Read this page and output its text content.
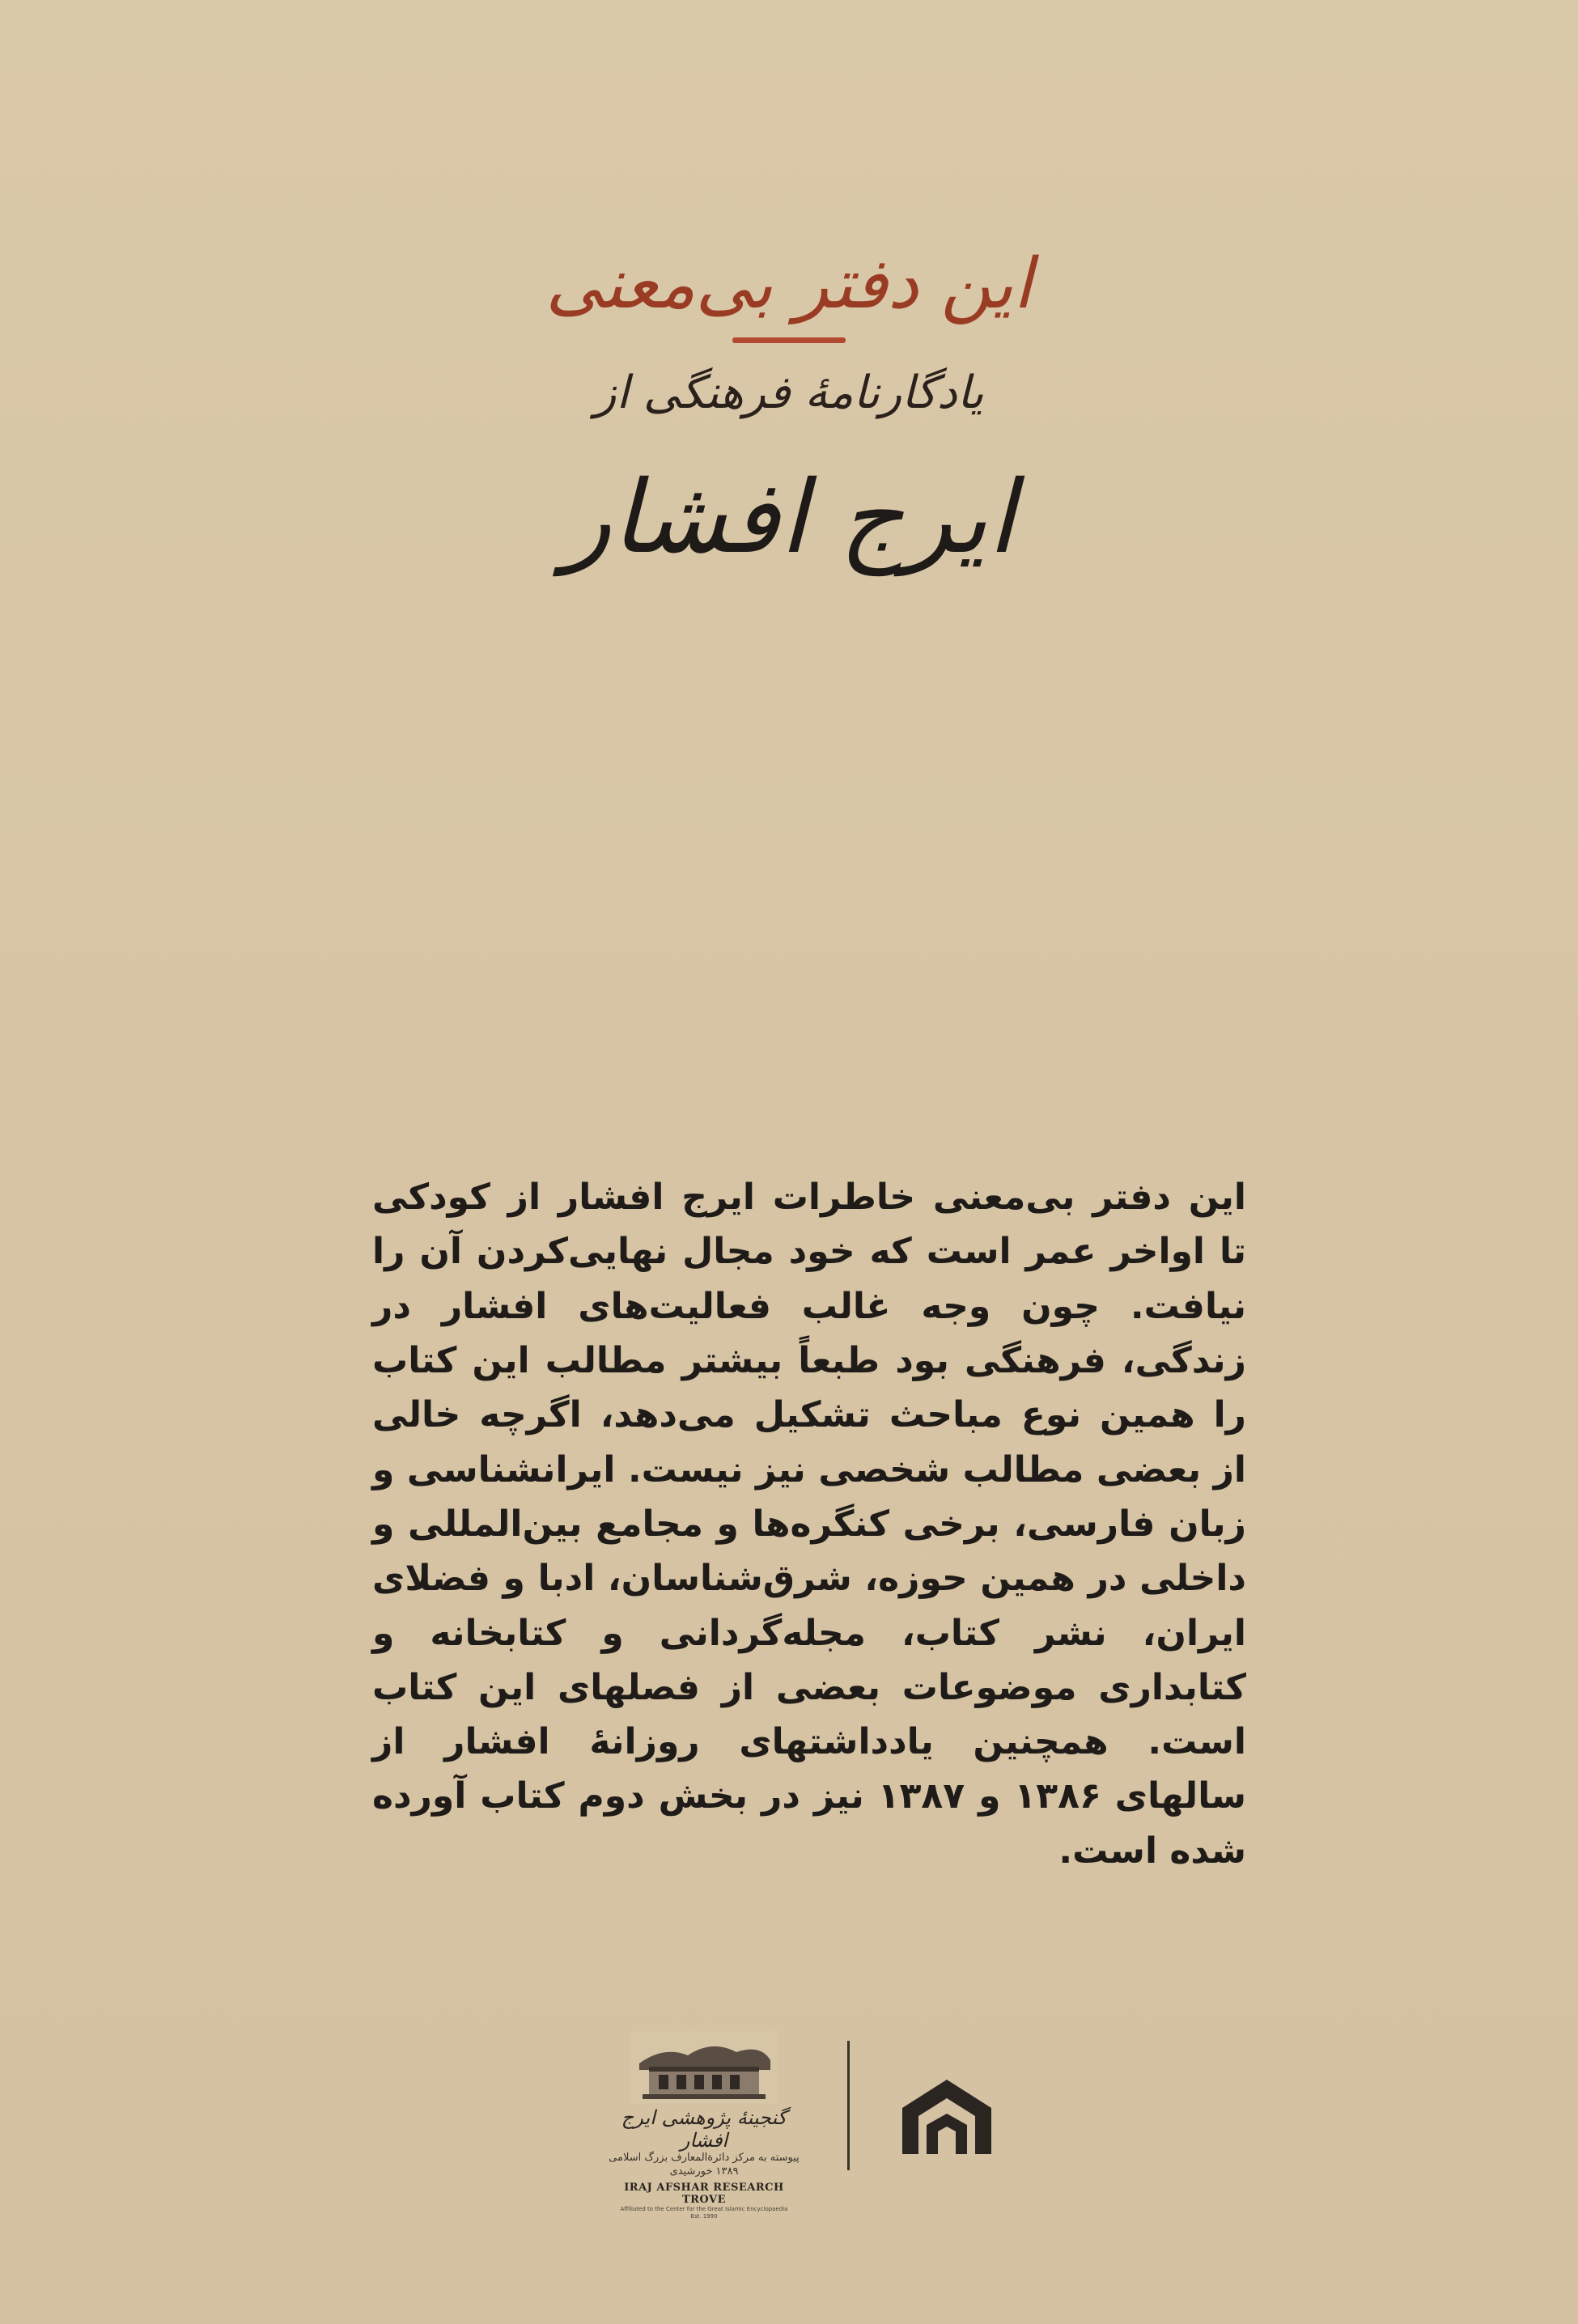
این دفتر بی‌معنی
یادگارنامهٔ فرهنگی از
ایرج افشار
این دفتر بی‌معنی خاطرات ایرج افشار از کودکی تا اواخر عمر است که خود مجال نهایی‌کردن آن را نیافت. چون وجه غالب فعالیت‌های افشار در زندگی، فرهنگی بود طبعاً بیشتر مطالب این کتاب را همین نوع مباحث تشکیل می‌دهد، اگرچه خالی از بعضی مطالب شخصی نیز نیست. ایرانشناسی و زبان فارسی، برخی کنگره‌ها و مجامع بین‌المللی و داخلی در همین حوزه، شرق‌شناسان، ادبا و فضلای ایران، نشر کتاب، مجله‌گردانی و کتابخانه و کتابداری موضوعات بعضی از فصلهای این کتاب است. همچنین یادداشتهای روزانهٔ افشار از سالهای ۱۳۸۶ و ۱۳۸۷ نیز در بخش دوم کتاب آورده شده است.
گنجینهٔ پژوهشی ایرج افشار
پیوسته به مرکز دائرة‌المعارف بزرگ اسلامی
۱۳۸۹ خورشیدی
IRAJ AFSHAR RESEARCH TROVE
Affiliated to the Center for the Great Islamic Encyclopaedia
Est. 1990
